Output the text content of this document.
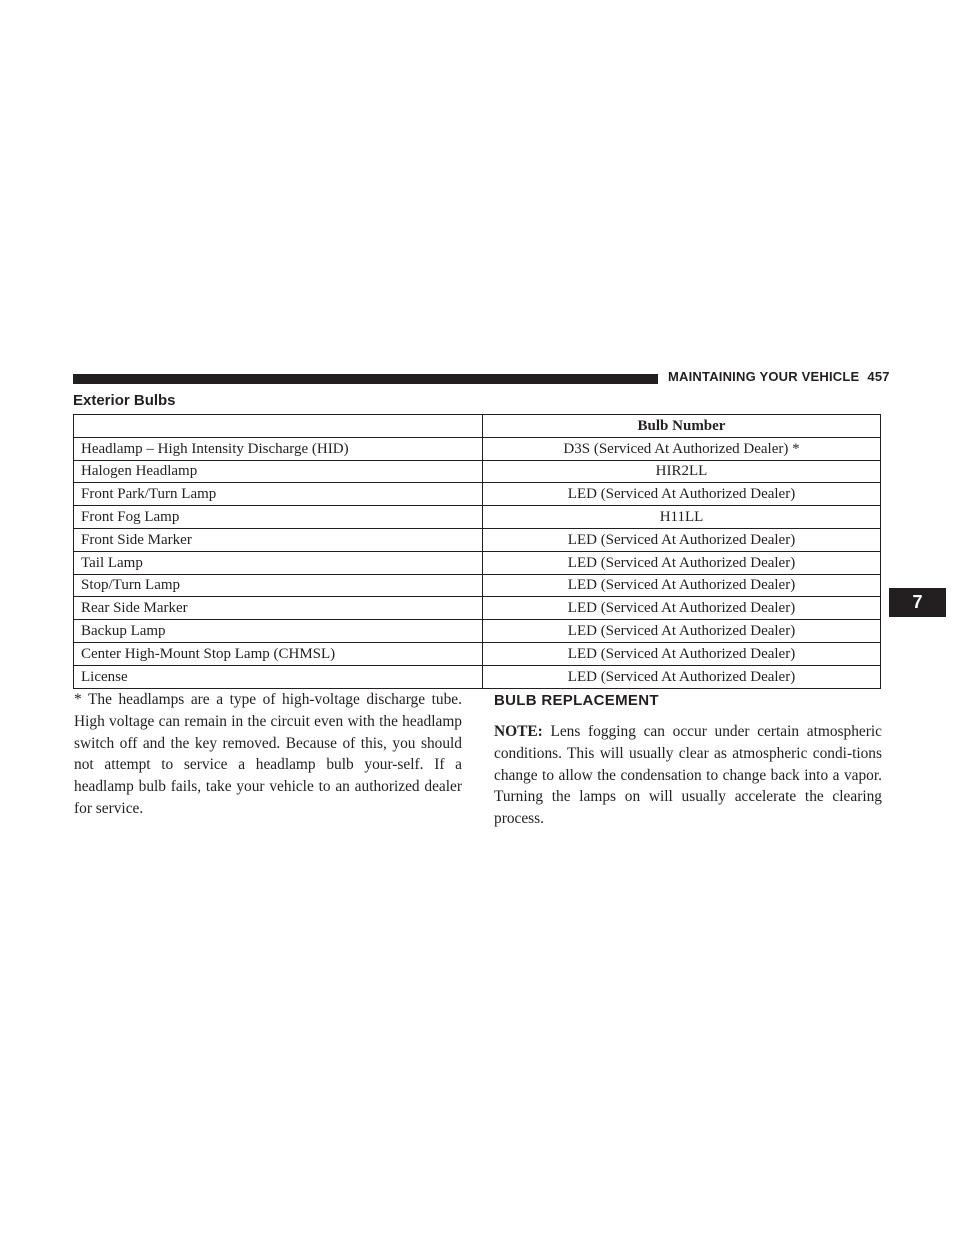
MAINTAINING YOUR VEHICLE 457
Exterior Bulbs
	Bulb Number
Headlamp – High Intensity Discharge (HID)	D3S (Serviced At Authorized Dealer) *
Halogen Headlamp	HIR2LL
Front Park/Turn Lamp	LED (Serviced At Authorized Dealer)
Front Fog Lamp	H11LL
Front Side Marker	LED (Serviced At Authorized Dealer)
Tail Lamp	LED (Serviced At Authorized Dealer)
Stop/Turn Lamp	LED (Serviced At Authorized Dealer)
Rear Side Marker	LED (Serviced At Authorized Dealer)
Backup Lamp	LED (Serviced At Authorized Dealer)
Center High-Mount Stop Lamp (CHMSL)	LED (Serviced At Authorized Dealer)
License	LED (Serviced At Authorized Dealer)
* The headlamps are a type of high-voltage discharge tube. High voltage can remain in the circuit even with the headlamp switch off and the key removed. Because of this, you should not attempt to service a headlamp bulb your-self. If a headlamp bulb fails, take your vehicle to an authorized dealer for service.
BULB REPLACEMENT
NOTE: Lens fogging can occur under certain atmospheric conditions. This will usually clear as atmospheric condi-tions change to allow the condensation to change back into a vapor. Turning the lamps on will usually accelerate the clearing process.
7
